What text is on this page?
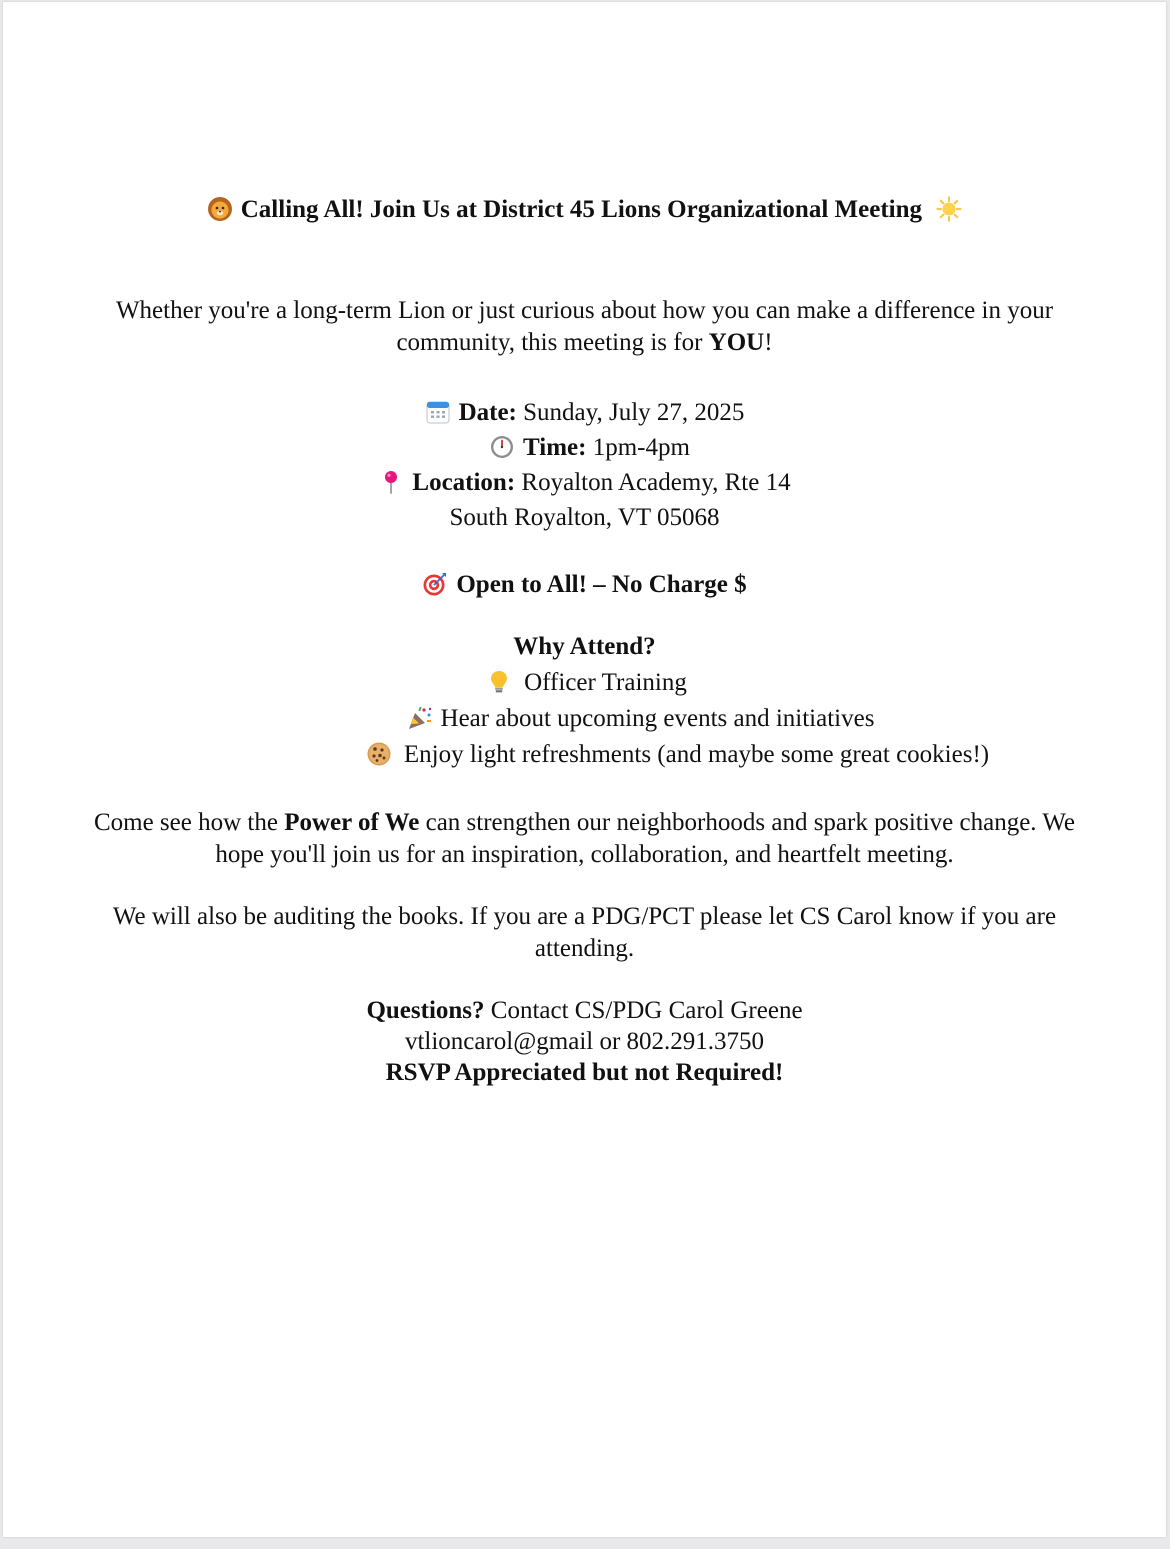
Calling All! Join Us at District 45 Lions Organizational Meeting
Whether you're a long-term Lion or just curious about how you can make a difference in your community, this meeting is for YOU!
Date: Sunday, July 27, 2025
Time: 1pm-4pm
Location: Royalton Academy, Rte 14
South Royalton, VT 05068
Open to All! – No Charge $
Why Attend?
Officer Training
Hear about upcoming events and initiatives
Enjoy light refreshments (and maybe some great cookies!)
Come see how the Power of We can strengthen our neighborhoods and spark positive change. We hope you'll join us for an inspiration, collaboration, and heartfelt meeting.
We will also be auditing the books. If you are a PDG/PCT please let CS Carol know if you are attending.
Questions? Contact CS/PDG Carol Greene
vtlioncarol@gmail or 802.291.3750
RSVP Appreciated but not Required!
